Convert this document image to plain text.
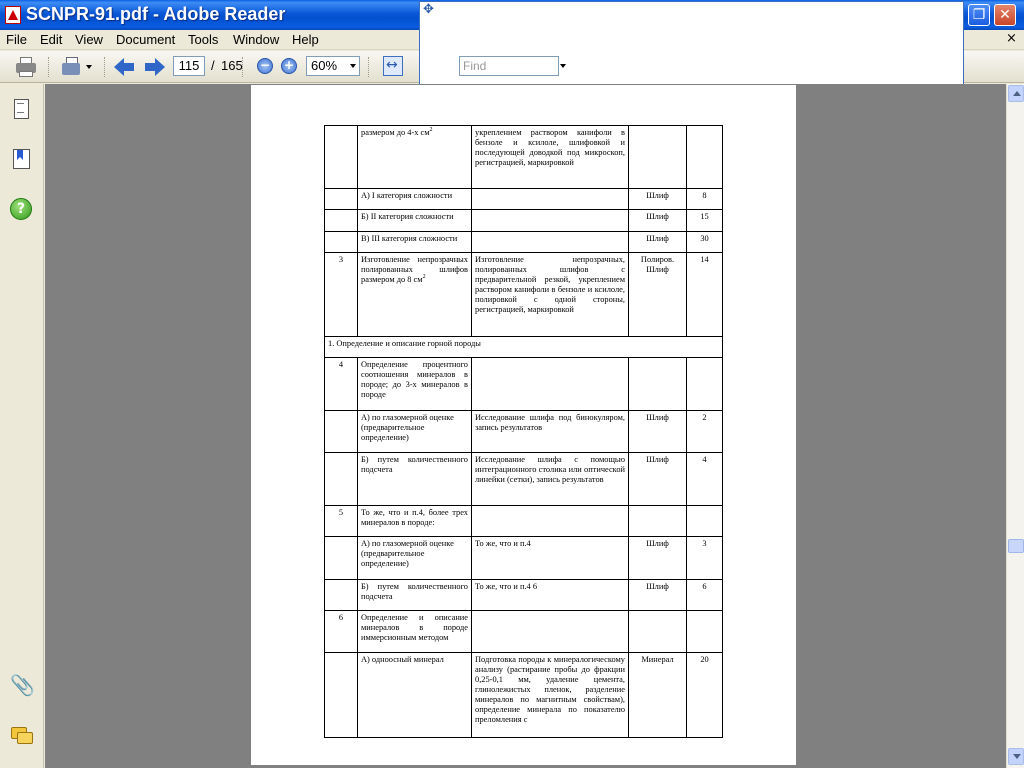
SCNPR-91.pdf - Adobe Reader	❐ ✕
File Edit View Document Tools Window Help	×
115 / 165 − +	60% ↔ ✥	Find
?
📎
	размером до 4-х $см^2$	укреплением раствором канифоли в бензоле и ксилоле, шлифовкой и последующей доводкой под микроскоп, регистрацией, маркировкой		
	А) I категория сложности		Шлиф	8
	Б) II категория сложности		Шлиф	15
	В) III категория сложности		Шлиф	30
3	Изготовление непрозрачных полированных шлифов размером до 8 $см^2$	Изготовление непрозрачных, полированных шлифов с предварительной резкой, укреплением раствором канифоли в бензоле и ксилоле, полировкой с одной стороны, регистрацией, маркировкой	Полиров. Шлиф	14
1. Определение и описание горной породы				
4	Определение процентного соотношения минералов в породе; до 3-х минералов в породе			
	А) по глазомерной оценке (предварительное определение)	Исследование шлифа под бинокуляром, запись результатов	Шлиф	2
	Б) путем количественного подсчета	Исследование шлифа с помощью интеграционного столика или оптической линейки (сетки), запись результатов	Шлиф	4
5	То же, что и п.4, более трех минералов в породе:			
	А) по глазомерной оценке (предварительное определение)	То же, что и п.4	Шлиф	3
	Б) путем количественного подсчета	То же, что и п.4 6	Шлиф	6
6	Определение и описание минералов в породе иммерсионным методом			
	А) одноосный минерал	Подготовка породы к минералогическому анализу (растирание пробы до фракции 0,25-0,1 мм, удаление цемента, глинолежистых пленок, разделение минералов по магнитным свойствам), определение минерала по показателю преломления с	Минерал	20
